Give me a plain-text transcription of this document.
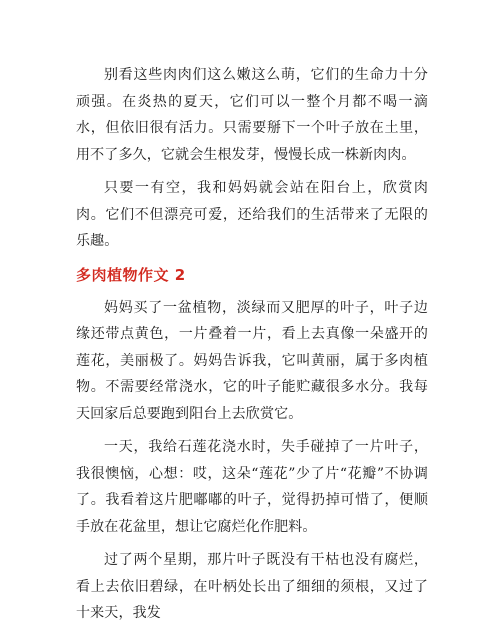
别看这些肉肉们这么嫩这么萌，它们的生命力十分顽强。在炎热的夏天，它们可以一整个月都不喝一滴水，但依旧很有活力。只需要掰下一个叶子放在土里，用不了多久，它就会生根发芽，慢慢长成一株新肉肉。

只要一有空，我和妈妈就会站在阳台上，欣赏肉肉。它们不但漂亮可爱，还给我们的生活带来了无限的乐趣。

多肉植物作文 2

妈妈买了一盆植物，淡绿而又肥厚的叶子，叶子边缘还带点黄色，一片叠着一片，看上去真像一朵盛开的莲花，美丽极了。妈妈告诉我，它叫黄丽，属于多肉植物。不需要经常浇水，它的叶子能贮藏很多水分。我每天回家后总要跑到阳台上去欣赏它。

一天，我给石莲花浇水时，失手碰掉了一片叶子，我很懊恼，心想：哎，这朵“莲花”少了片“花瓣”不协调了。我看着这片肥嘟嘟的叶子，觉得扔掉可惜了，便顺手放在花盆里，想让它腐烂化作肥料。

过了两个星期，那片叶子既没有干枯也没有腐烂，看上去依旧碧绿，在叶柄处长出了细细的须根，又过了十来天，我发
